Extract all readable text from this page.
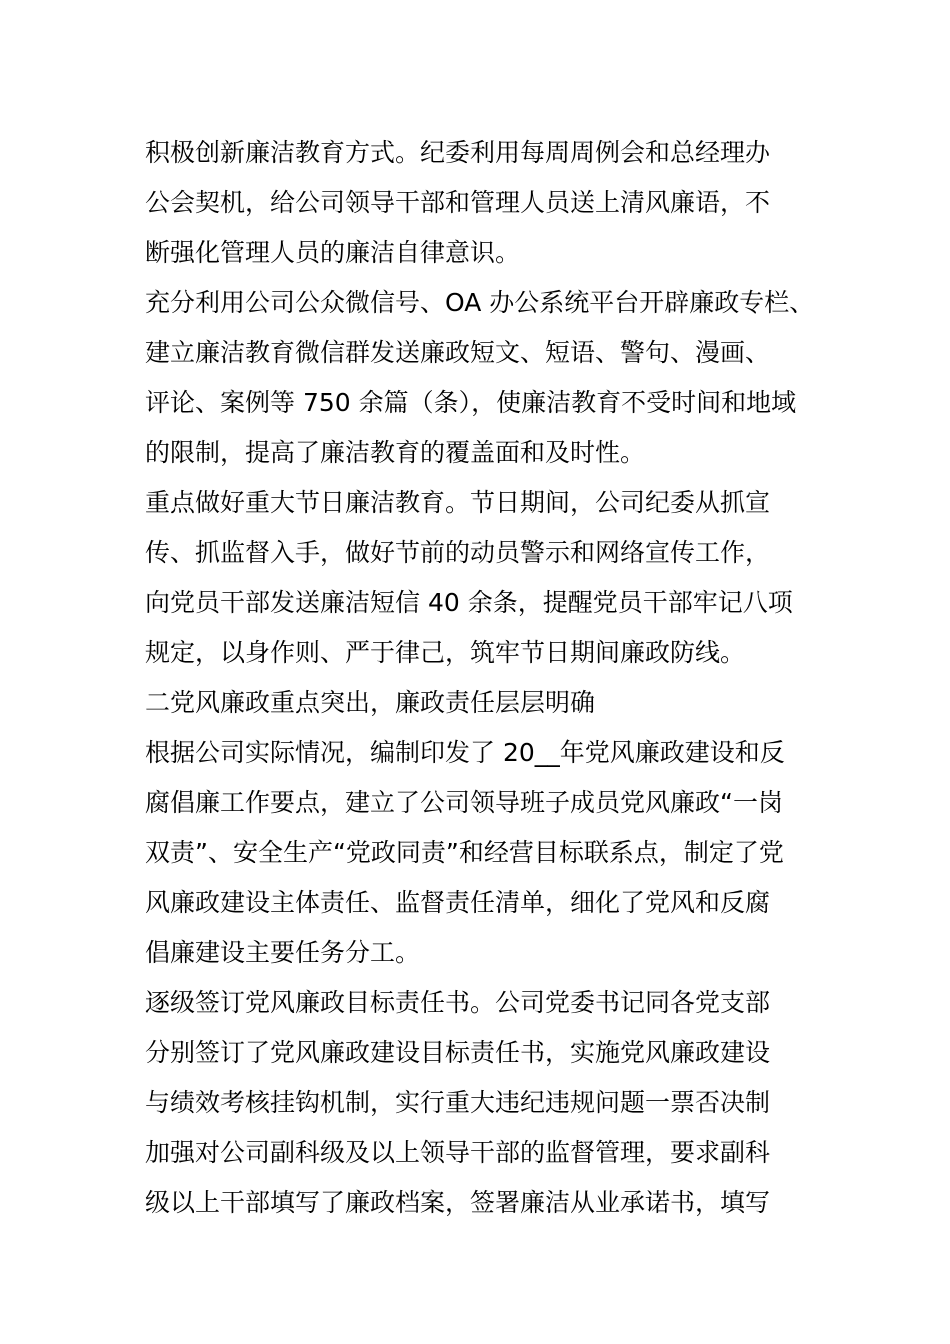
积极创新廉洁教育方式。纪委利用每周周例会和总经理办
公会契机，给公司领导干部和管理人员送上清风廉语，不
断强化管理人员的廉洁自律意识。
充分利用公司公众微信号、OA 办公系统平台开辟廉政专栏、
建立廉洁教育微信群发送廉政短文、短语、警句、漫画、
评论、案例等 750 余篇（条），使廉洁教育不受时间和地域
的限制，提高了廉洁教育的覆盖面和及时性。
重点做好重大节日廉洁教育。节日期间，公司纪委从抓宣
传、抓监督入手，做好节前的动员警示和网络宣传工作，
向党员干部发送廉洁短信 40 余条，提醒党员干部牢记八项
规定，以身作则、严于律己，筑牢节日期间廉政防线。
二党风廉政重点突出，廉政责任层层明确
根据公司实际情况，编制印发了 20__年党风廉政建设和反
腐倡廉工作要点，建立了公司领导班子成员党风廉政“一岗
双责”、安全生产“党政同责”和经营目标联系点，制定了党
风廉政建设主体责任、监督责任清单，细化了党风和反腐
倡廉建设主要任务分工。
逐级签订党风廉政目标责任书。公司党委书记同各党支部
分别签订了党风廉政建设目标责任书，实施党风廉政建设
与绩效考核挂钩机制，实行重大违纪违规问题一票否决制
加强对公司副科级及以上领导干部的监督管理，要求副科
级以上干部填写了廉政档案，签署廉洁从业承诺书，填写
